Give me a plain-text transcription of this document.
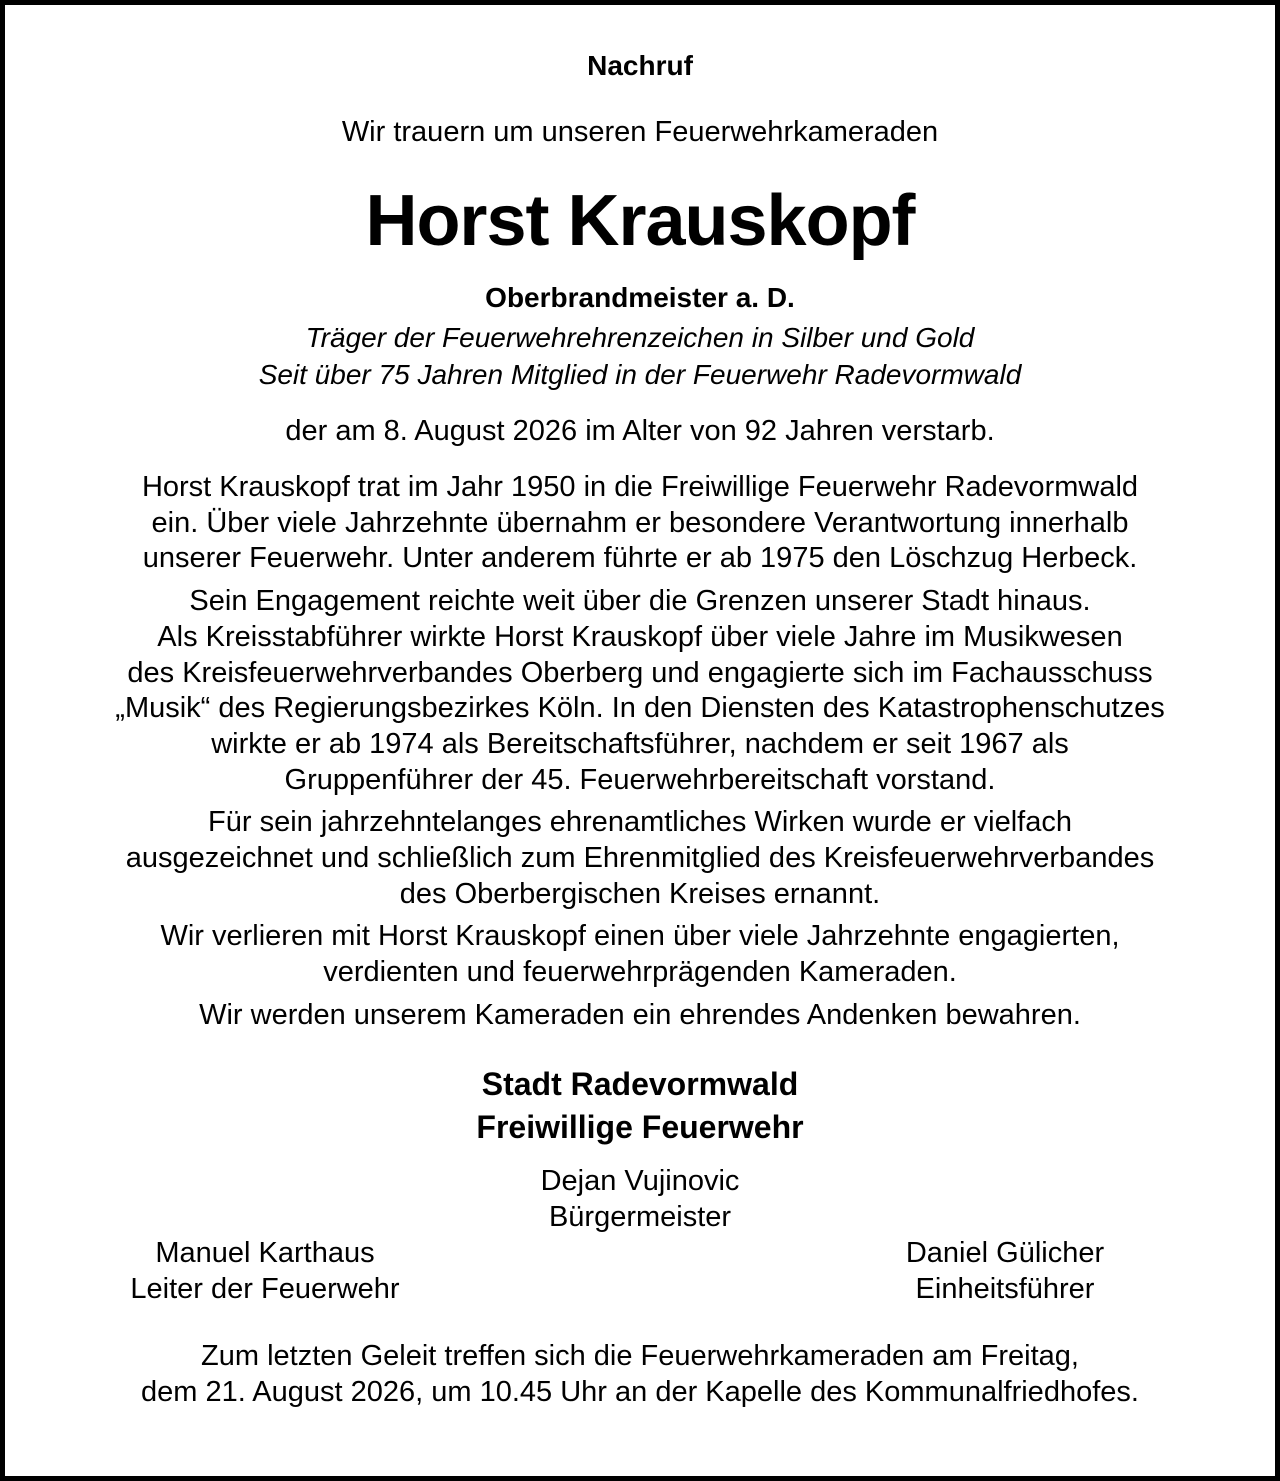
Nachruf
Wir trauern um unseren Feuerwehrkameraden
Horst Krauskopf
Oberbrandmeister a. D.
Träger der Feuerwehrehrenzeichen in Silber und Gold
Seit über 75 Jahren Mitglied in der Feuerwehr Radevormwald
der am 8. August 2026 im Alter von 92 Jahren verstarb.
Horst Krauskopf trat im Jahr 1950 in die Freiwillige Feuerwehr Radevormwald
ein. Über viele Jahrzehnte übernahm er besondere Verantwortung innerhalb
unserer Feuerwehr. Unter anderem führte er ab 1975 den Löschzug Herbeck.
Sein Engagement reichte weit über die Grenzen unserer Stadt hinaus.
Als Kreisstabführer wirkte Horst Krauskopf über viele Jahre im Musikwesen
des Kreisfeuerwehrverbandes Oberberg und engagierte sich im Fachausschuss
„Musik“ des Regierungsbezirkes Köln. In den Diensten des Katastrophenschutzes
wirkte er ab 1974 als Bereitschaftsführer, nachdem er seit 1967 als
Gruppenführer der 45. Feuerwehrbereitschaft vorstand.
Für sein jahrzehntelanges ehrenamtliches Wirken wurde er vielfach
ausgezeichnet und schließlich zum Ehrenmitglied des Kreisfeuerwehrverbandes
des Oberbergischen Kreises ernannt.
Wir verlieren mit Horst Krauskopf einen über viele Jahrzehnte engagierten,
verdienten und feuerwehrprägenden Kameraden.
Wir werden unserem Kameraden ein ehrendes Andenken bewahren.
Stadt Radevormwald
Freiwillige Feuerwehr
Dejan Vujinovic
Bürgermeister
Manuel Karthaus
Leiter der Feuerwehr
Daniel Gülicher
Einheitsführer
Zum letzten Geleit treffen sich die Feuerwehrkameraden am Freitag,
dem 21. August 2026, um 10.45 Uhr an der Kapelle des Kommunalfriedhofes.
